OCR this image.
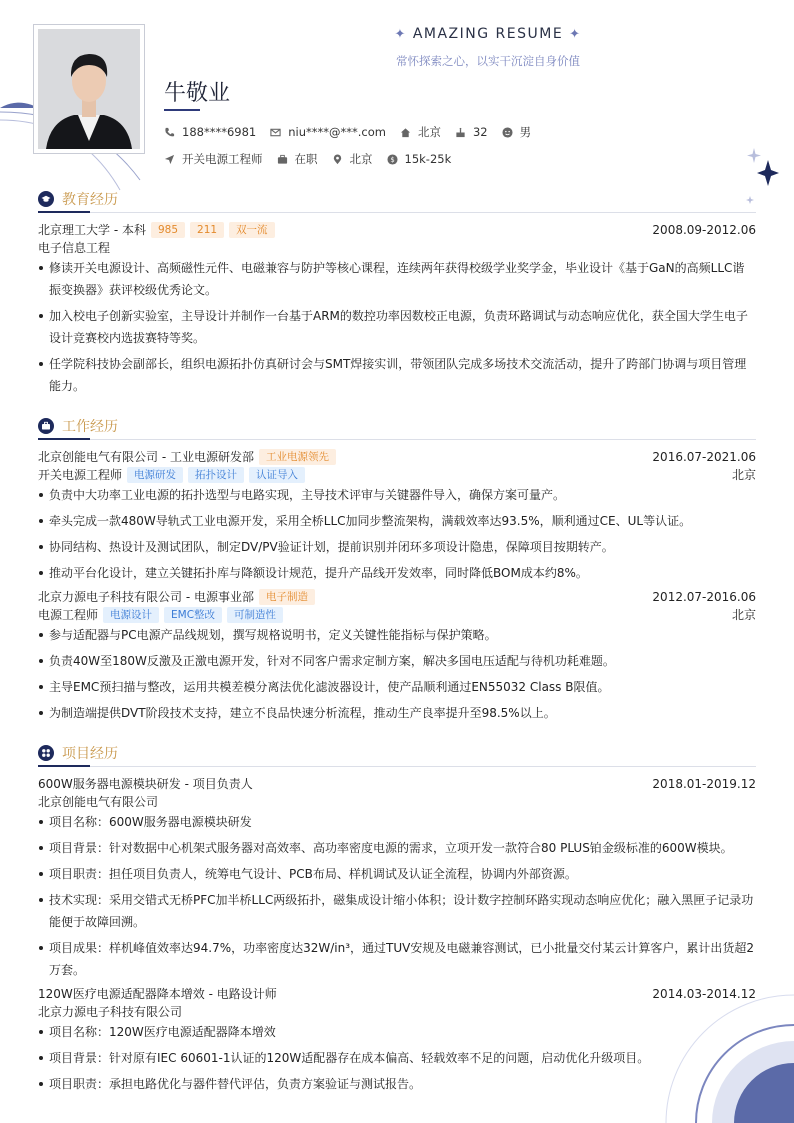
✦ AMAZING RESUME ✦
常怀探索之心，以实干沉淀自身价值
牛敬业
188****6981	niu****@***.com	北京	32	男
开关电源工程师	在职	北京 $ 15k-25k
教育经历
北京理工大学 - 本科	985	211	双一流	2008.09-2012.06
电子信息工程
修读开关电源设计、高频磁性元件、电磁兼容与防护等核心课程，连续两年获得校级学业奖学金，毕业设计《基于GaN的高频LLC谐振变换器》获评校级优秀论文。
加入校电子创新实验室，主导设计并制作一台基于ARM的数控功率因数校正电源，负责环路调试与动态响应优化，获全国大学生电子设计竞赛校内选拔赛特等奖。
任学院科技协会副部长，组织电源拓扑仿真研讨会与SMT焊接实训，带领团队完成多场技术交流活动，提升了跨部门协调与项目管理能力。
工作经历
北京创能电气有限公司 - 工业电源研发部	工业电源领先	2016.07-2021.06
开关电源工程师	电源研发	拓扑设计	认证导入	北京
负责中大功率工业电源的拓扑选型与电路实现，主导技术评审与关键器件导入，确保方案可量产。
牵头完成一款480W导轨式工业电源开发，采用全桥LLC加同步整流架构，满载效率达93.5%，顺利通过CE、UL等认证。
协同结构、热设计及测试团队，制定DV/PV验证计划，提前识别并闭环多项设计隐患，保障项目按期转产。
推动平台化设计，建立关键拓扑库与降额设计规范，提升产品线开发效率，同时降低BOM成本约8%。
北京力源电子科技有限公司 - 电源事业部	电子制造	2012.07-2016.06
电源工程师	电源设计	EMC整改	可制造性	北京
参与适配器与PC电源产品线规划，撰写规格说明书，定义关键性能指标与保护策略。
负责40W至180W反激及正激电源开发，针对不同客户需求定制方案，解决多国电压适配与待机功耗难题。
主导EMC预扫描与整改，运用共模差模分离法优化滤波器设计，使产品顺利通过EN55032 Class B限值。
为制造端提供DVT阶段技术支持，建立不良品快速分析流程，推动生产良率提升至98.5%以上。
项目经历
600W服务器电源模块研发 - 项目负责人	2018.01-2019.12
北京创能电气有限公司
项目名称：600W服务器电源模块研发
项目背景：针对数据中心机架式服务器对高效率、高功率密度电源的需求，立项开发一款符合80 PLUS铂金级标准的600W模块。
项目职责：担任项目负责人，统筹电气设计、PCB布局、样机调试及认证全流程，协调内外部资源。
技术实现：采用交错式无桥PFC加半桥LLC两级拓扑，磁集成设计缩小体积；设计数字控制环路实现动态响应优化；融入黑匣子记录功能便于故障回溯。
项目成果：样机峰值效率达94.7%，功率密度达32W/in³，通过TUV安规及电磁兼容测试，已小批量交付某云计算客户，累计出货超2万套。
120W医疗电源适配器降本增效 - 电路设计师	2014.03-2014.12
北京力源电子科技有限公司
项目名称：120W医疗电源适配器降本增效
项目背景：针对原有IEC 60601-1认证的120W适配器存在成本偏高、轻载效率不足的问题，启动优化升级项目。
项目职责：承担电路优化与器件替代评估，负责方案验证与测试报告。
